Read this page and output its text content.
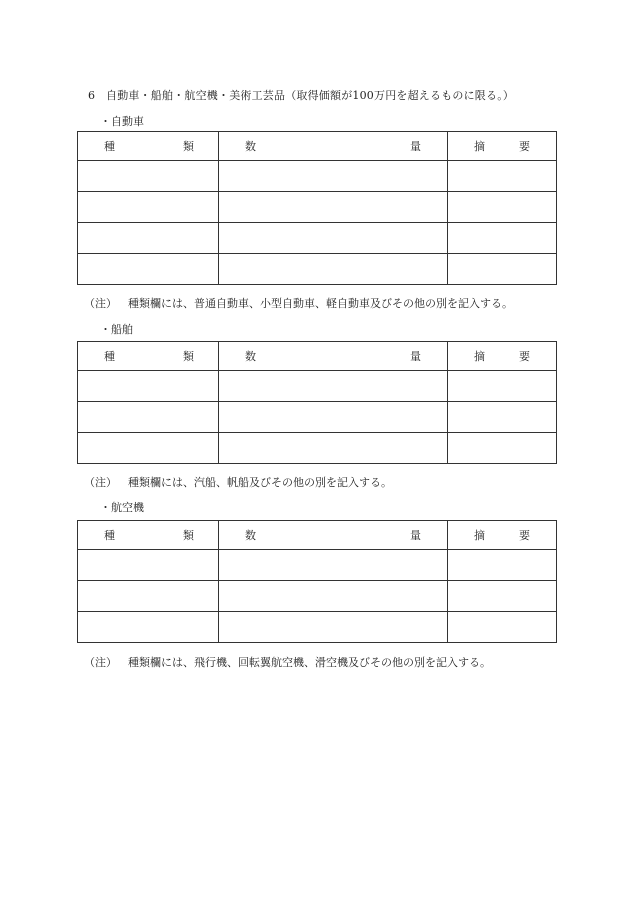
6 自動車・船舶・航空機・美術工芸品（取得価額が100万円を超えるものに限る。）
・自動車
種 類	数 量	摘 要

（注） 種類欄には、普通自動車、小型自動車、軽自動車及びその他の別を記入する。
・船舶
種 類	数 量	摘 要

（注） 種類欄には、汽船、帆船及びその他の別を記入する。
・航空機
種 類	数 量	摘 要

（注） 種類欄には、飛行機、回転翼航空機、滑空機及びその他の別を記入する。
